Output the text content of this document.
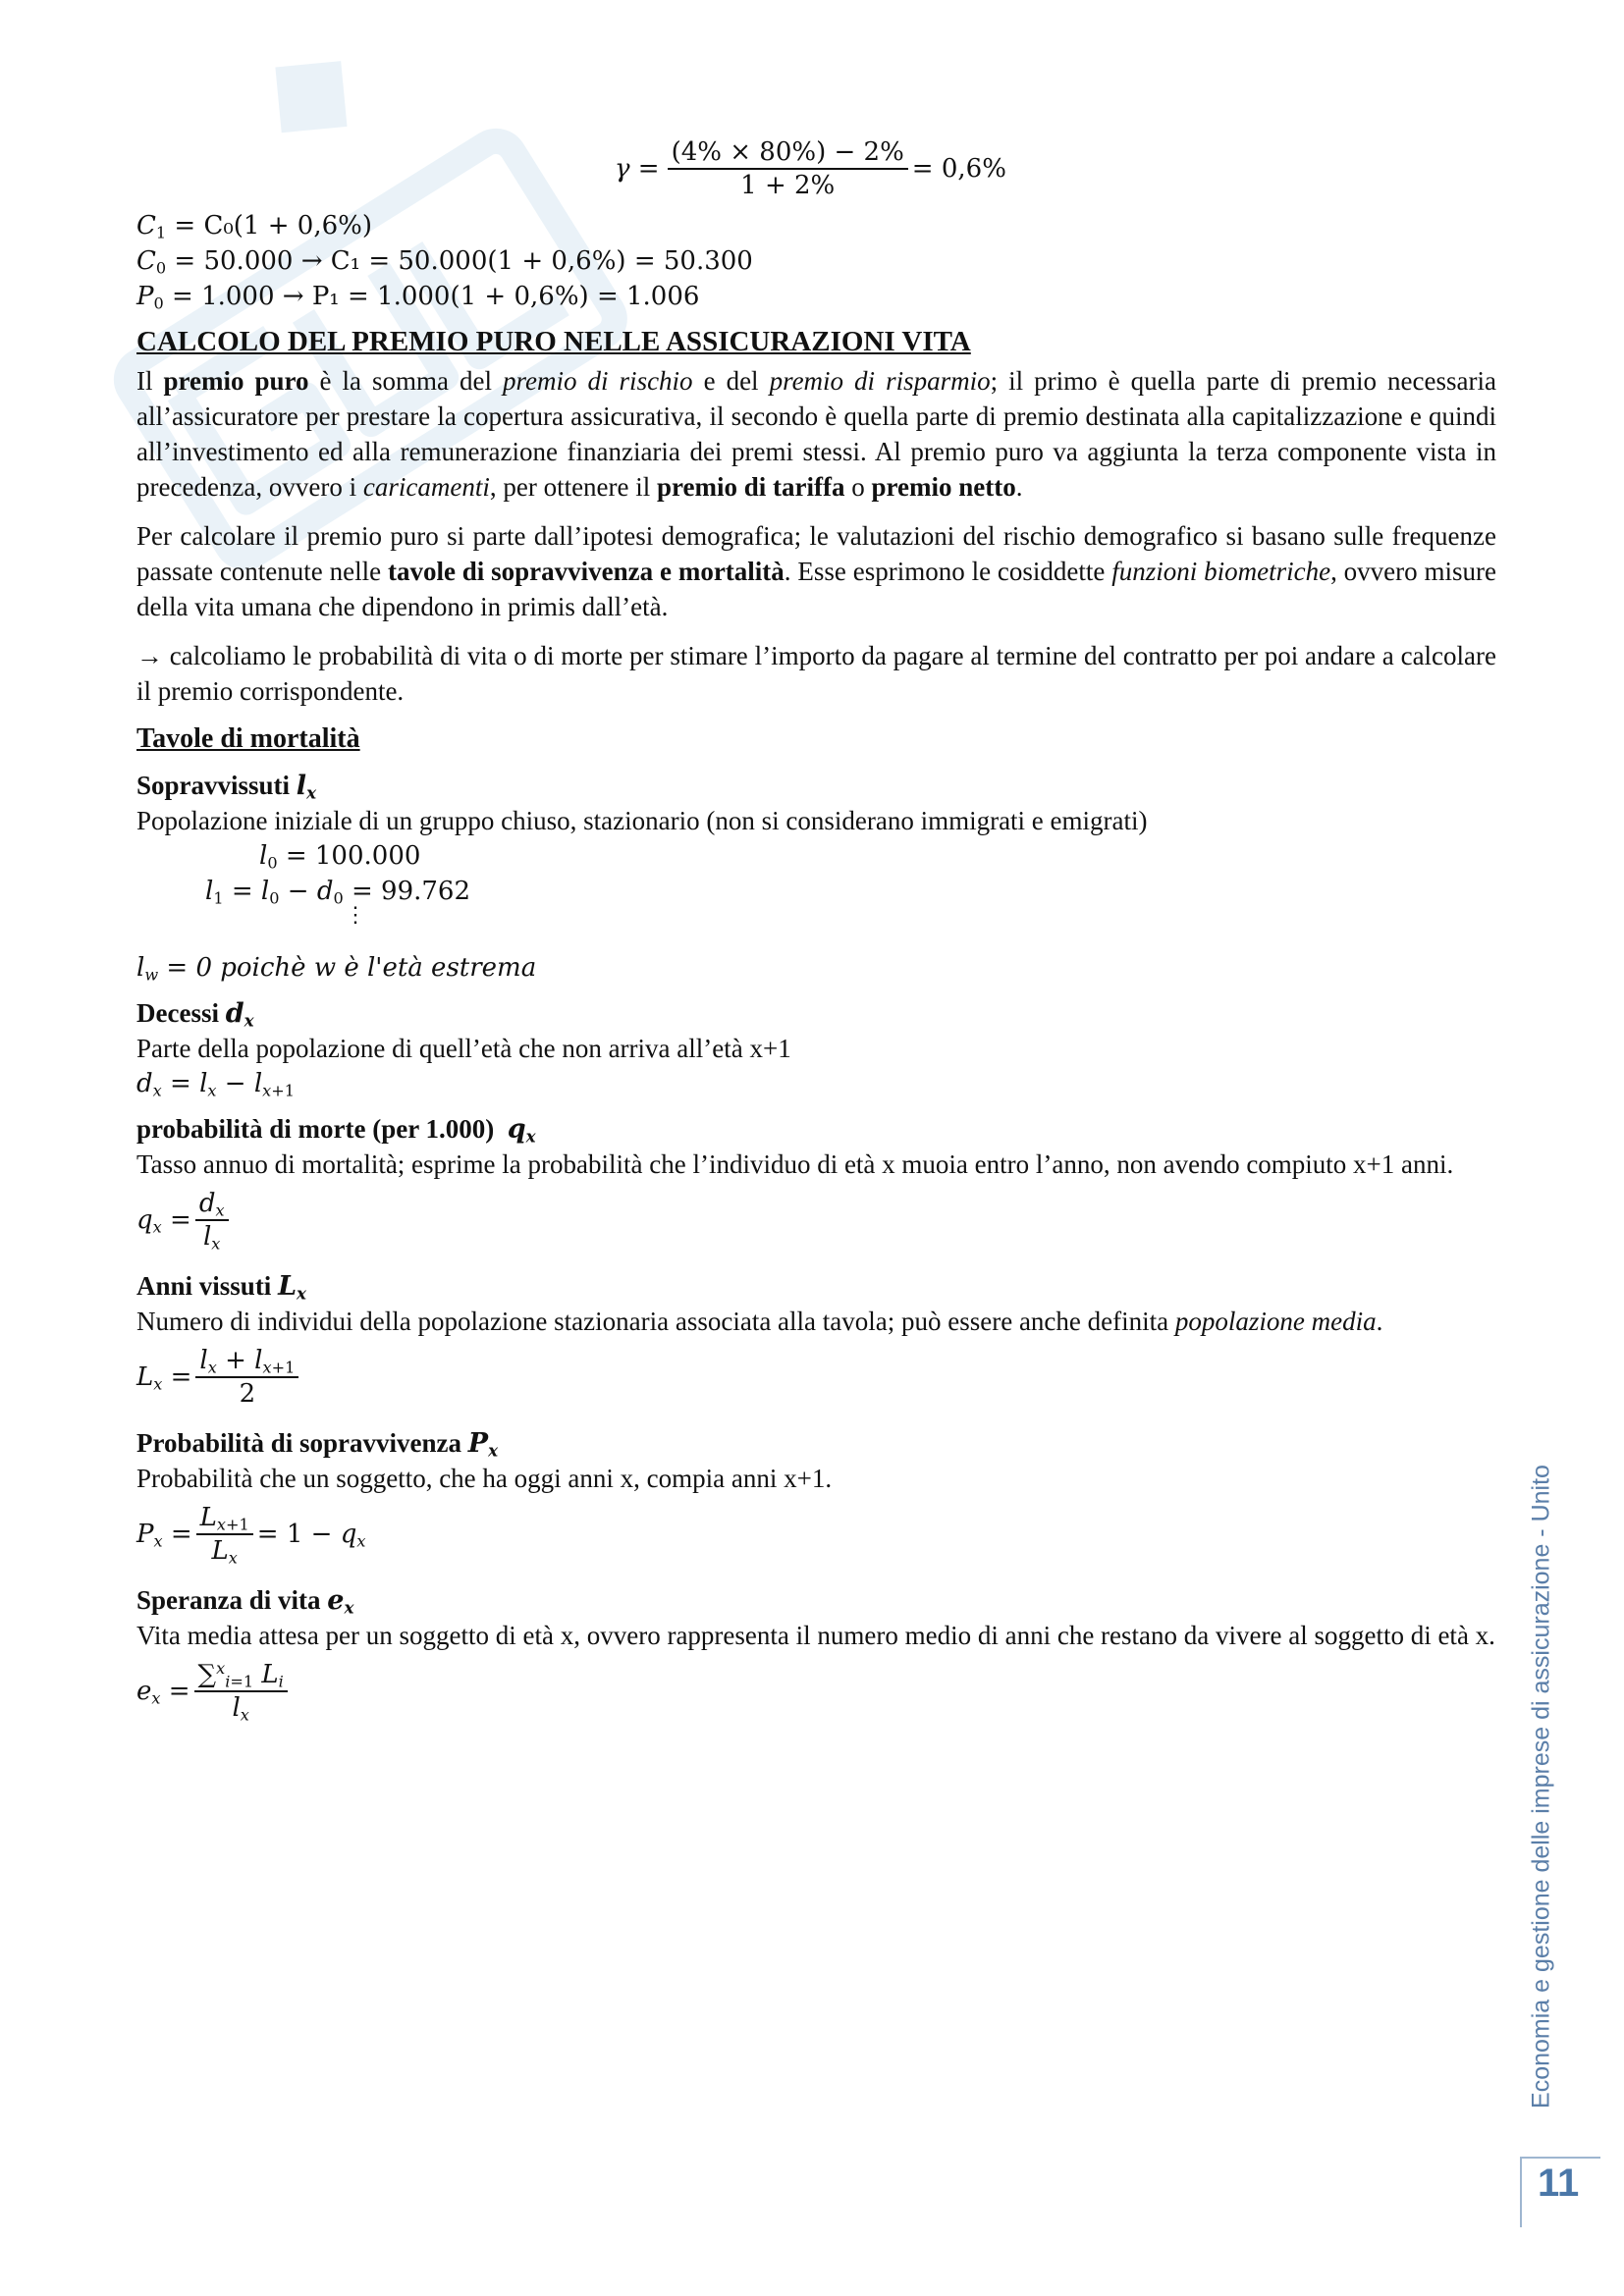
$\gamma = \frac{(4\% \times 80\%) - 2\%}{1 + 2\%} = 0,6\%$
$C_1 = C_0(1 + 0,6\%)$
$C_0 = 50.000 \to C_1 = 50.000(1 + 0,6\%) = 50.300$
$P_0 = 1.000 \to P_1 = 1.000(1 + 0,6\%) = 1.006$
CALCOLO DEL PREMIO PURO NELLE ASSICURAZIONI VITA

Il premio puro è la somma del premio di rischio e del premio di risparmio; il primo è quella parte di premio necessaria all’assicuratore per prestare la copertura assicurativa, il secondo è quella parte di premio destinata alla capitalizzazione e quindi all’investimento ed alla remunerazione finanziaria dei premi stessi. Al premio puro va aggiunta la terza componente vista in precedenza, ovvero i caricamenti, per ottenere il premio di tariffa o premio netto.

Per calcolare il premio puro si parte dall’ipotesi demografica; le valutazioni del rischio demografico si basano sulle frequenze passate contenute nelle tavole di sopravvivenza e mortalità. Esse esprimono le cosiddette funzioni biometriche, ovvero misure della vita umana che dipendono in primis dall’età.

→ calcoliamo le probabilità di vita o di morte per stimare l’importo da pagare al termine del contratto per poi andare a calcolare il premio corrispondente.

Tavole di mortalità
Sopravvissuti $l_x$
Popolazione iniziale di un gruppo chiuso, stazionario (non si considerano immigrati e emigrati)
$l_0 = 100.000$
$l_1 = l_0 - d_0 = 99.762$
⋮
$l_w = 0$ poichè w è l'età estrema
Decessi $d_x$
Parte della popolazione di quell’età che non arriva all’età x+1
$d_x = l_x - l_{x+1}$
probabilità di morte (per 1.000) $q_x$

Tasso annuo di mortalità; esprime la probabilità che l’individuo di età x muoia entro l’anno, non avendo compiuto x+1 anni.

$q_x = \frac{d_x}{l_x}$
Anni vissuti $L_x$

Numero di individui della popolazione stazionaria associata alla tavola; può essere anche definita popolazione media.

$L_x = \frac{l_x + l_{x+1}}{2}$
Probabilità di sopravvivenza $P_x$
Probabilità che un soggetto, che ha oggi anni x, compia anni x+1.
$P_x = \frac{L_{x+1}}{L_x} = 1 - q_x$
Speranza di vita $e_x$

Vita media attesa per un soggetto di età x, ovvero rappresenta il numero medio di anni che restano da vivere al soggetto di età x.

$e_x = \frac{\sum^x_{i=1} L_i}{l_x}$	Economia e gestione delle imprese di assicurazione - Unito
11
